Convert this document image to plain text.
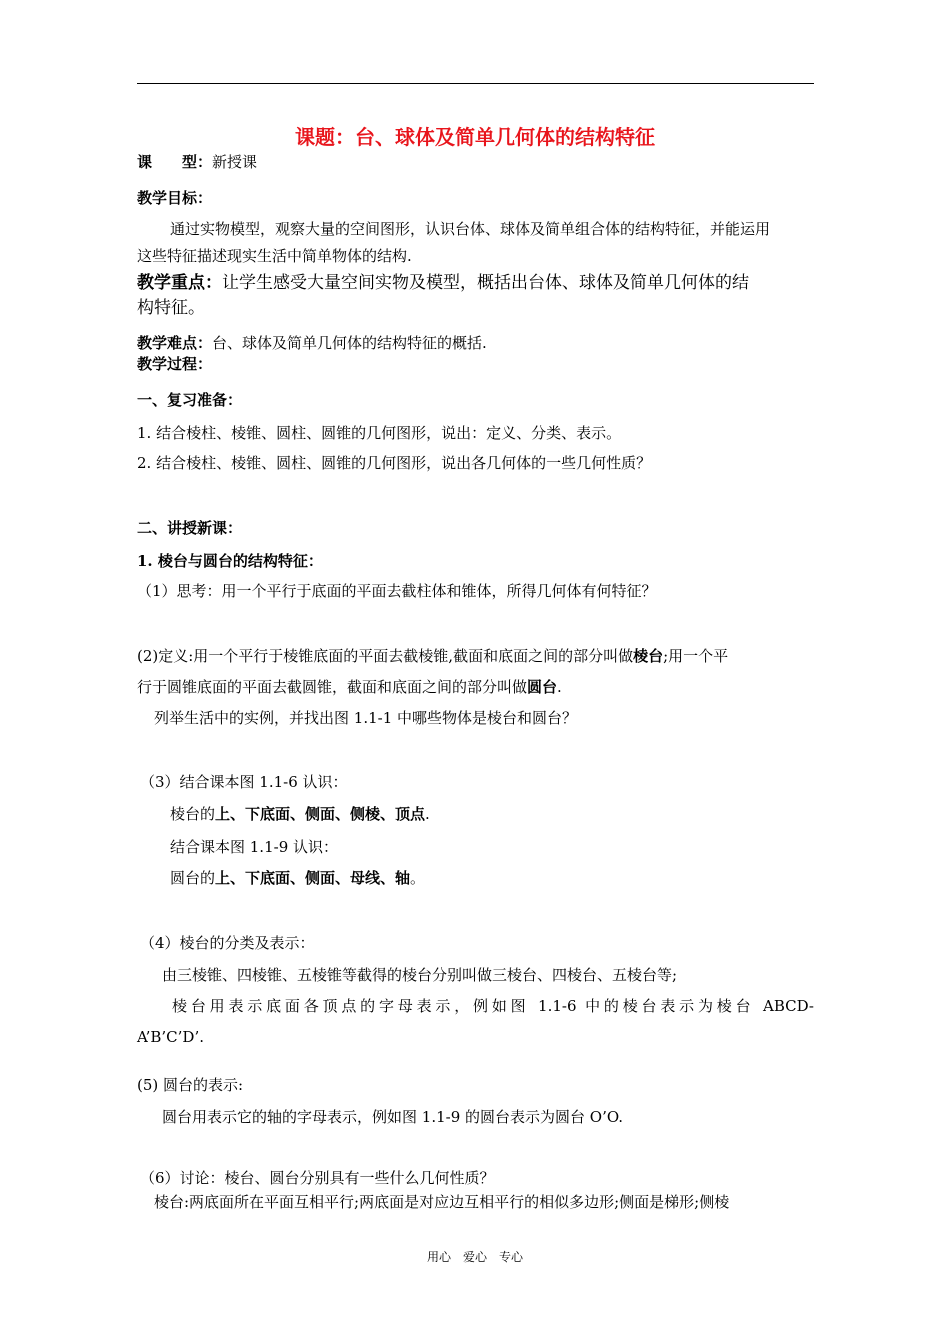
课题：台、球体及简单几何体的结构特征
课　　型：新授课
教学目标：
通过实物模型，观察大量的空间图形，认识台体、球体及简单组合体的结构特征，并能运用
这些特征描述现实生活中简单物体的结构.
教学重点：让学生感受大量空间实物及模型，概括出台体、球体及简单几何体的结
构特征。
教学难点：台、球体及简单几何体的结构特征的概括.
教学过程：
一、复习准备：
1. 结合棱柱、棱锥、圆柱、圆锥的几何图形，说出：定义、分类、表示。
2. 结合棱柱、棱锥、圆柱、圆锥的几何图形，说出各几何体的一些几何性质？
二、讲授新课：
1. 棱台与圆台的结构特征：
（1）思考：用一个平行于底面的平面去截柱体和锥体，所得几何体有何特征？
(2)定义:用一个平行于棱锥底面的平面去截棱锥,截面和底面之间的部分叫做棱台;用一个平
行于圆锥底面的平面去截圆锥，截面和底面之间的部分叫做圆台.
列举生活中的实例，并找出图 1.1-1 中哪些物体是棱台和圆台？
（3）结合课本图 1.1-6 认识：
棱台的上、下底面、侧面、侧棱、顶点.
结合课本图 1.1-9 认识：
圆台的上、下底面、侧面、母线、轴。
（4）棱台的分类及表示：
由三棱锥、四棱锥、五棱锥等截得的棱台分别叫做三棱台、四棱台、五棱台等;
棱台用表示底面各顶点的字母表示，例如图 1.1-6 中的棱台表示为棱台 ABCD-
A’B’C’D’.
(5) 圆台的表示:
圆台用表示它的轴的字母表示，例如图 1.1-9 的圆台表示为圆台 O’O.
（6）讨论：棱台、圆台分别具有一些什么几何性质？
棱台:两底面所在平面互相平行;两底面是对应边互相平行的相似多边形;侧面是梯形;侧棱
用心　爱心　专心
